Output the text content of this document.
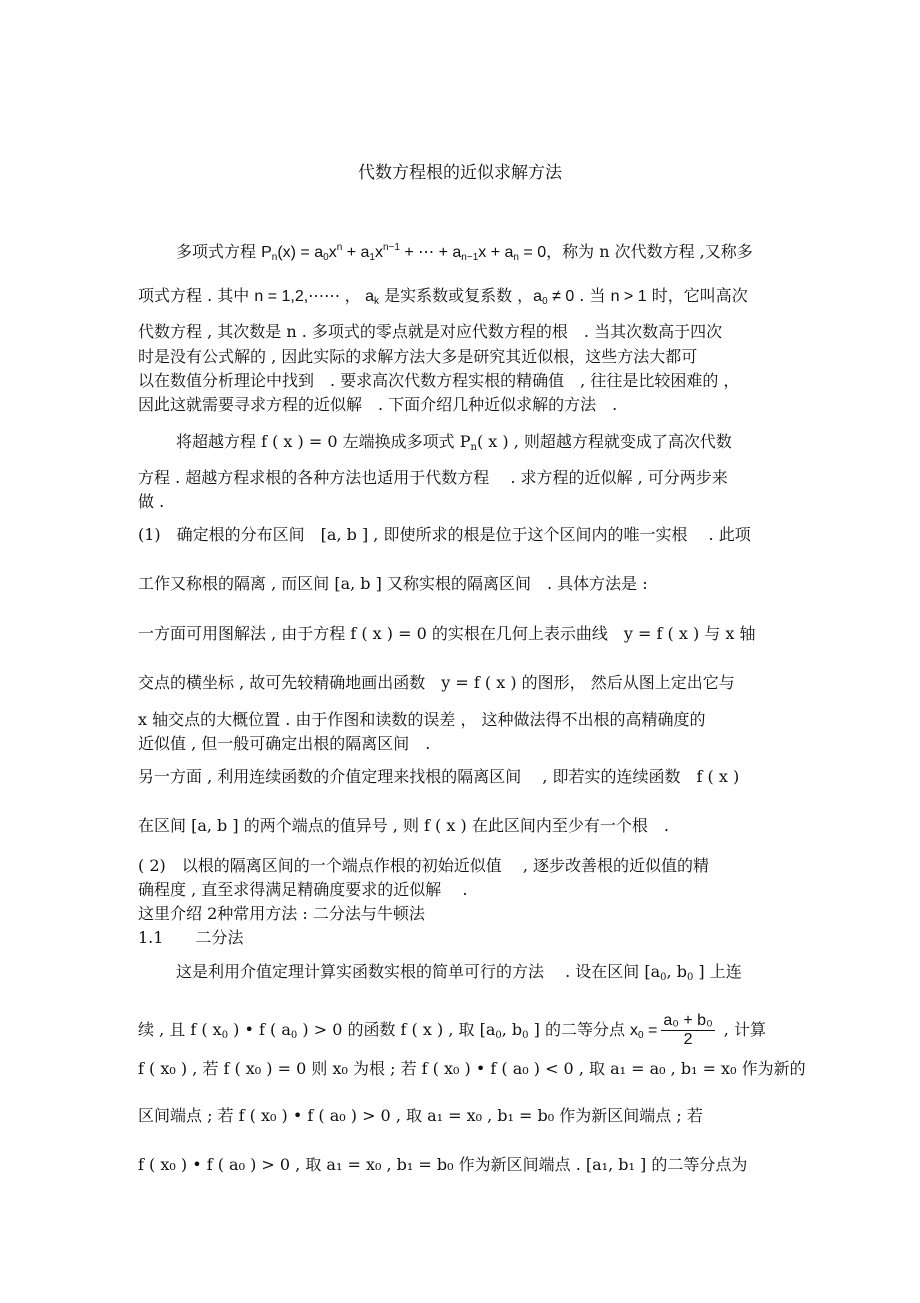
代数方程根的近似求解方法
多项式方程 $P_n(x) = a_0x^n + a_1x^{n-1}$ + ⋯ + $a_{n-1}x + a_n = 0$，称为 n 次代数方程 ,又称多
项式方程 . 其中 n = 1,2,⋯⋯ ， $a_k$ 是实系数或复系数 ，$a_0 \ne 0$ . 当 n > 1 时，它叫高次
代数方程 , 其次数是 n . 多项式的零点就是对应代数方程的根　. 当其次数高于四次
时是没有公式解的 , 因此实际的求解方法大多是研究其近似根，这些方法大都可
以在数值分析理论中找到　. 要求高次代数方程实根的精确值　, 往往是比较困难的 ，
因此这就需要寻求方程的近似解　. 下面介绍几种近似求解的方法　.
将超越方程 f ( x ) = 0 左端换成多项式 $P_n$( x ) , 则超越方程就变成了高次代数
方程 . 超越方程求根的各种方法也适用于代数方程　 . 求方程的近似解 , 可分两步来
做 .
(1)　确定根的分布区间　[a, b ] , 即使所求的根是位于这个区间内的唯一实根　 . 此项
工作又称根的隔离 , 而区间 [a, b ] 又称实根的隔离区间　. 具体方法是 :
一方面可用图解法 , 由于方程 f ( x ) = 0 的实根在几何上表示曲线　y = f ( x ) 与 x 轴
交点的横坐标 , 故可先较精确地画出函数　y = f ( x ) 的图形， 然后从图上定出它与
x 轴交点的大概位置 . 由于作图和读数的误差 ， 这种做法得不出根的高精确度的
近似值 , 但一般可确定出根的隔离区间　.
另一方面 , 利用连续函数的介值定理来找根的隔离区间　 , 即若实的连续函数　f ( x )
在区间 [a, b ] 的两个端点的值异号 , 则 f ( x ) 在此区间内至少有一个根　.
( 2)　以根的隔离区间的一个端点作根的初始近似值　 , 逐步改善根的近似值的精
确程度 , 直至求得满足精确度要求的近似解　 .
这里介绍 2种常用方法 : 二分法与牛顿法
1.1　　二分法
这是利用介值定理计算实函数实根的简单可行的方法　 . 设在区间 [$a_0$, $b_0$ ] 上连
续 , 且 f ( $x_0$ ) • f ( $a_0$ ) > 0 的函数 f ( x ) , 取 [$a_0$, $b_0$ ] 的二等分点 $x_0 = \frac{\text{a₀ + b₀}}{2}$ , 计算
f ( x₀ ) , 若 f ( x₀ ) = 0 则 x₀ 为根 ; 若 f ( x₀ ) • f ( a₀ ) < 0 , 取 a₁ = a₀ , b₁ = x₀ 作为新的
区间端点 ; 若 f ( x₀ ) • f ( a₀ ) > 0 , 取 a₁ = x₀ , b₁ = b₀ 作为新区间端点 ; 若
f ( x₀ ) • f ( a₀ ) > 0 , 取 a₁ = x₀ , b₁ = b₀ 作为新区间端点 . [a₁, b₁ ] 的二等分点为
